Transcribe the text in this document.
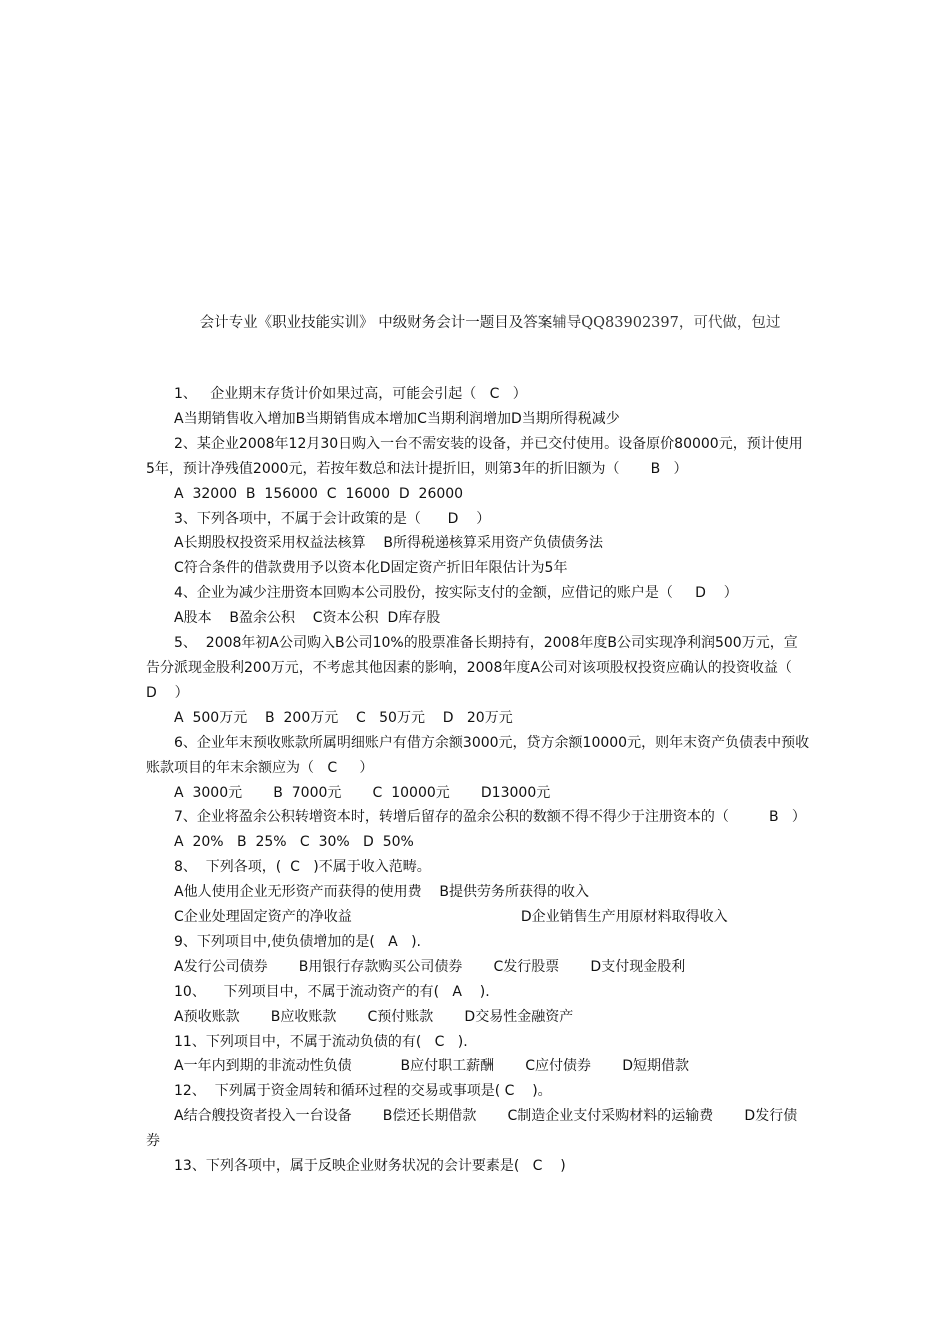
会计专业《职业技能实训》 中级财务会计一题目及答案辅导QQ83902397，可代做，包过

1、   企业期末存货计价如果过高，可能会引起（   C   ）

A当期销售收入增加B当期销售成本增加C当期利润增加D当期所得税减少

2、某企业2008年12月30日购入一台不需安装的设备，并已交付使用。设备原价80000元，预计使用5年，预计净残值2000元，若按年数总和法计提折旧，则第3年的折旧额为（       B   ）

A  32000  B  156000  C  16000  D  26000

3、下列各项中，不属于会计政策的是（      D    ）

A长期股权投资采用权益法核算    B所得税递核算采用资产负债债务法

C符合条件的借款费用予以资本化D固定资产折旧年限估计为5年

4、企业为减少注册资本回购本公司股份，按实际支付的金额，应借记的账户是（     D    ）

A股本    B盈余公积    C资本公积  D库存股

5、  2008年初A公司购入B公司10%的股票准备长期持有，2008年度B公司实现净利润500万元，宣告分派现金股利200万元，不考虑其他因素的影响，2008年度A公司对该项股权投资应确认的投资收益（    D    ）

A  500万元    B  200万元    C   50万元    D   20万元

6、企业年末预收账款所属明细账户有借方余额3000元，贷方余额10000元，则年末资产负债表中预收账款项目的年末余额应为（   C     ）

A  3000元       B  7000元       C  10000元       D13000元

7、企业将盈余公积转增资本时，转增后留存的盈余公积的数额不得不得少于注册资本的（         B   ）

A  20%   B  25%   C  30%   D  50%

8、  下列各项，(  C   )不属于收入范畴。

A他人使用企业无形资产而获得的使用费    B提供劳务所获得的收入

C企业处理固定资产的净收益                                      D企业销售生产用原材料取得收入

9、下列项目中,使负债增加的是(   A   ).

A发行公司债券       B用银行存款购买公司债券       C发行股票       D支付现金股利

10、    下列项目中，不属于流动资产的有(   A    ).

A预收账款       B应收账款       C预付账款       D交易性金融资产

11、下列项目中，不属于流动负债的有(   C   ).

A一年内到期的非流动性负债           B应付职工薪酬       C应付债券       D短期借款

12、  下列属于资金周转和循环过程的交易或事项是( C    )。

A结合艘投资者投入一台设备       B偿还长期借款       C制造企业支付采购材料的运输费       D发行债券

13、下列各项中，属于反映企业财务状况的会计要素是(   C    )
